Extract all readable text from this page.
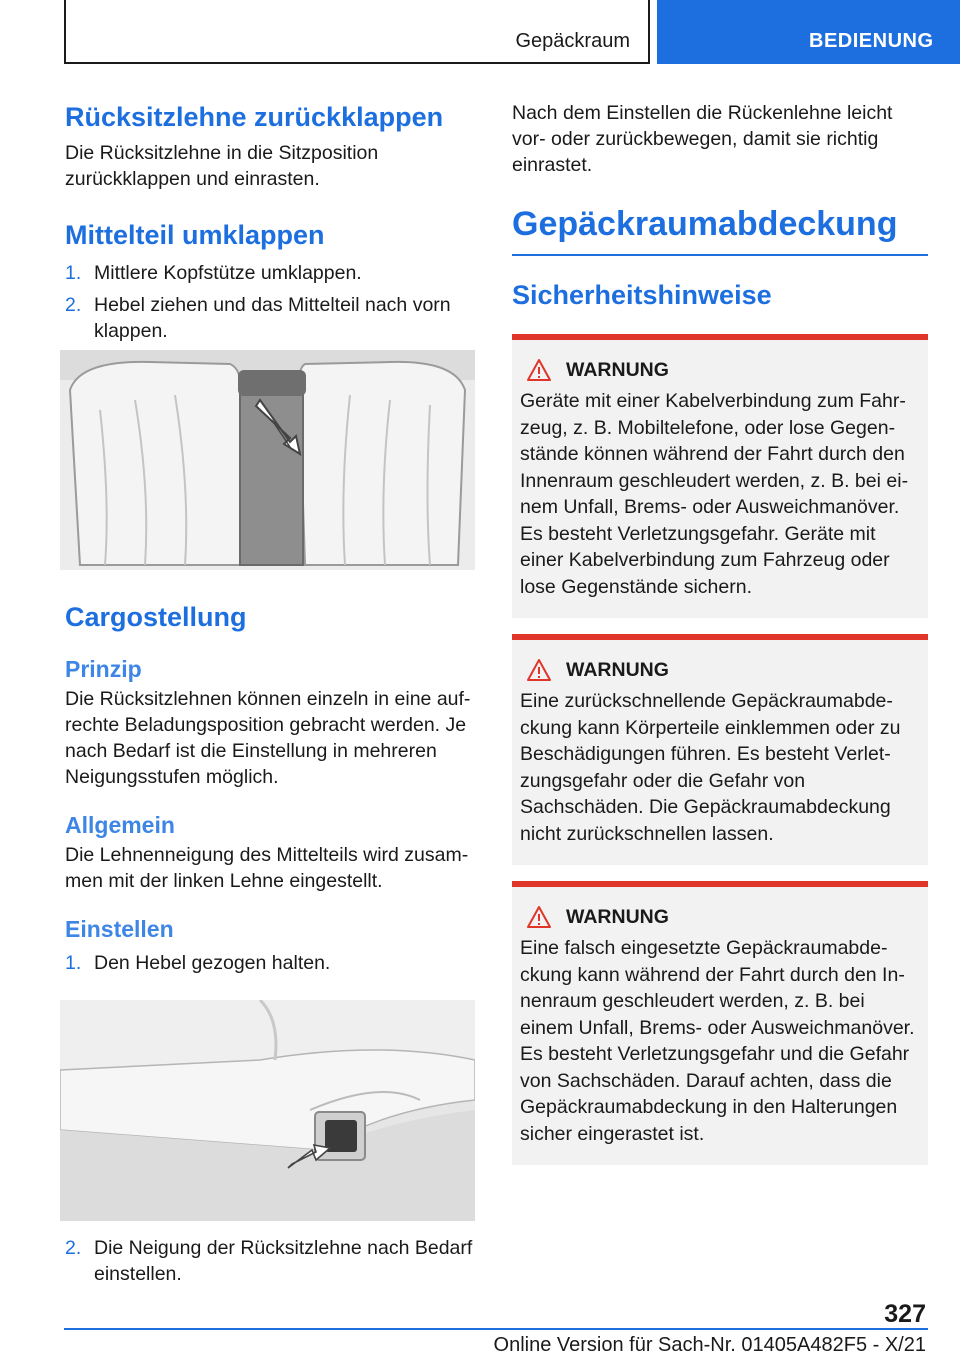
Gepäckraum	BEDIENUNG
Rücksitzlehne zurückklappen
Die Rücksitzlehne in die Sitzposition zurückklappen und einrasten.
Mittelteil umklappen
1. Mittlere Kopfstütze umklappen.
2. Hebel ziehen und das Mittelteil nach vorn klappen.
Cargostellung
Prinzip
Die Rücksitzlehnen können einzeln in eine aufrechte Beladungsposition gebracht werden. Je nach Bedarf ist die Einstellung in mehreren Neigungsstufen möglich.
Allgemein
Die Lehnenneigung des Mittelteils wird zusammen mit der linken Lehne eingestellt.
Einstellen
1. Den Hebel gezogen halten.
2. Die Neigung der Rücksitzlehne nach Bedarf einstellen.
Nach dem Einstellen die Rückenlehne leicht vor- oder zurückbewegen, damit sie richtig einrastet.
Gepäckraumabdeckung
Sicherheitshinweise
WARNUNG
Geräte mit einer Kabelverbindung zum Fahrzeug, z. B. Mobiltelefone, oder lose Gegenstände können während der Fahrt durch den Innenraum geschleudert werden, z. B. bei einem Unfall, Brems- oder Ausweichmanöver. Es besteht Verletzungsgefahr. Geräte mit einer Kabelverbindung zum Fahrzeug oder lose Gegenstände sichern.
WARNUNG
Eine zurückschnellende Gepäckraumabdeckung kann Körperteile einklemmen oder zu Beschädigungen führen. Es besteht Verletzungsgefahr oder die Gefahr von Sachschäden. Die Gepäckraumabdeckung nicht zurückschnellen lassen.
WARNUNG
Eine falsch eingesetzte Gepäckraumabdeckung kann während der Fahrt durch den Innenraum geschleudert werden, z. B. bei einem Unfall, Brems- oder Ausweichmanöver. Es besteht Verletzungsgefahr und die Gefahr von Sachschäden. Darauf achten, dass die Gepäckraumabdeckung in den Halterungen sicher eingerastet ist.
327
Online Version für Sach-Nr. 01405A482F5 - X/21
